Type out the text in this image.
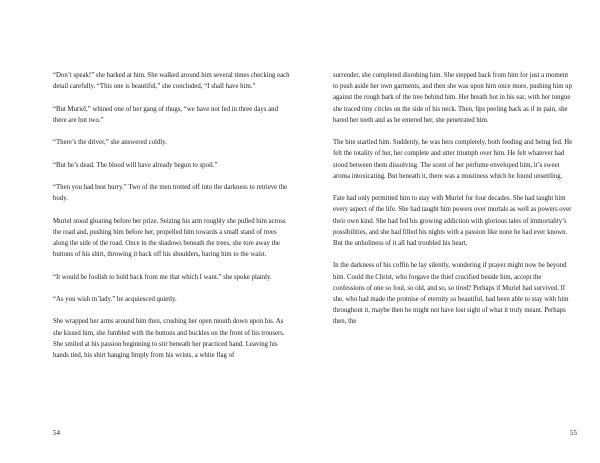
“Don’t speak!” she barked at him. She walked around him several times checking each detail carefully. “This one is beautiful,” she concluded, “I shall have him.”

“But Muriel,” whined one of her gang of thugs, “we have not fed in three days and there are but two.”

“There’s the driver,” she answered coldly.

“But he’s dead. The blood will have already begun to spoil.”

“Then you had best hurry.” Two of the men trotted off into the darkness to retrieve the body.

Muriel stood gloating before her prize. Seizing his arm roughly she pulled him across the road and, pushing him before her, propelled him towards a small stand of trees along the side of the road. Once in the shadows beneath the trees, she tore away the buttons of his shirt, throwing it back off his shoulders, baring him to the waist.

“It would be foolish to hold back from me that which I want.” she spoke plainly.

“As you wish m’lady.” he acquiesced quietly.

She wrapped her arms around him then, crushing her open mouth down upon his. As she kissed him, she fumbled with the buttons and buckles on the front of his trousers. She smiled at his passion beginning to stir beneath her practiced hand. Leaving his hands tied, his shirt hanging limply from his wrists, a white flag of

54

surrender, she completed disrobing him. She stepped back from him for just a moment to push aside her own garments, and then she was upon him once more, pushing him up against the rough bark of the tree behind him. Her breath hot in his ear, with her tongue she traced tiny circles on the side of his neck. Then, lips peeling back as if in pain, she bared her teeth and as he entered her, she penetrated him.

The bite startled him. Suddenly, he was hers completely, both feeding and being fed. He felt the totality of her, her complete and utter triumph over him. He felt whatever had stood between them dissolving. The scent of her perfume enveloped him, it’s sweet aroma intoxicating. But beneath it, there was a mustiness which he found unsettling.

Fate had only permitted him to stay with Muriel for four decades. She had taught him every aspect of the life. She had taught him powers over mortals as well as powers over their own kind. She had fed his growing addiction with glorious tales of immortality’s possibilities, and she had filled his nights with a passion like none he had ever known. But the unholiness of it all had troubled his heart.

In the darkness of his coffin he lay silently, wondering if prayer might now be beyond him. Could the Christ, who forgave the thief crucified beside him, accept the confessions of one so foul, so old, and so, so tired? Perhaps if Muriel had survived. If she, who had made the promise of eternity so beautiful, had been able to stay with him throughout it, maybe then he might not have lost sight of what it truly meant. Perhaps then, the

55
